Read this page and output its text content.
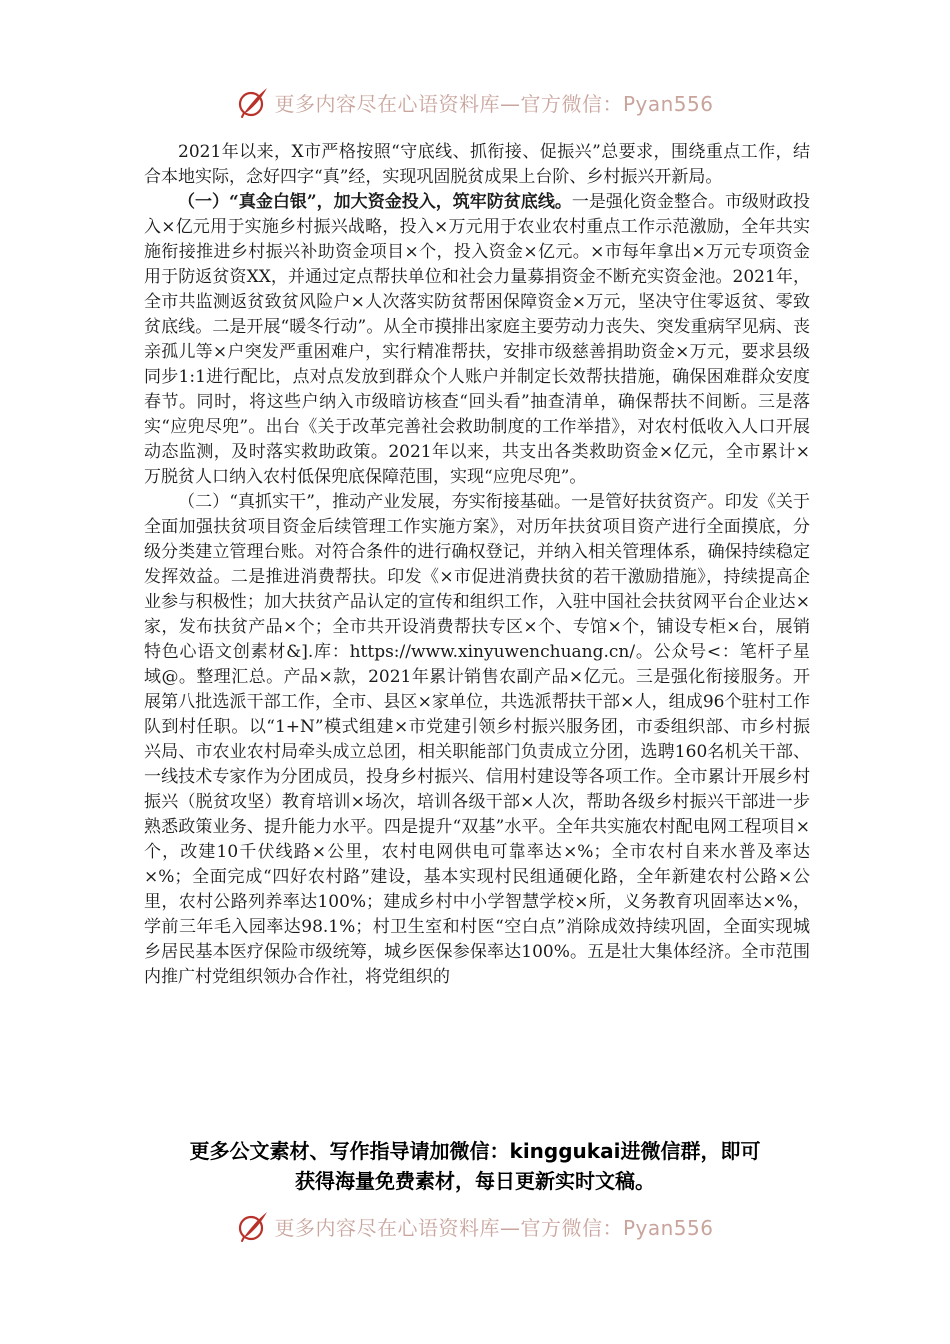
更多内容尽在心语资料库—官方微信：Pyan556

2021年以来，X市严格按照“守底线、抓衔接、促振兴”总要求，围绕重点工作，结合本地实际，念好四字“真”经，实现巩固脱贫成果上台阶、乡村振兴开新局。

（一）“真金白银”，加大资金投入，筑牢防贫底线。一是强化资金整合。市级财政投入×亿元用于实施乡村振兴战略，投入×万元用于农业农村重点工作示范激励，全年共实施衔接推进乡村振兴补助资金项目×个，投入资金×亿元。×市每年拿出×万元专项资金用于防返贫资XX，并通过定点帮扶单位和社会力量募捐资金不断充实资金池。2021年，全市共监测返贫致贫风险户×人次落实防贫帮困保障资金×万元，坚决守住零返贫、零致贫底线。二是开展“暖冬行动”。从全市摸排出家庭主要劳动力丧失、突发重病罕见病、丧亲孤儿等×户突发严重困难户，实行精准帮扶，安排市级慈善捐助资金×万元，要求县级同步1:1进行配比，点对点发放到群众个人账户并制定长效帮扶措施，确保困难群众安度春节。同时，将这些户纳入市级暗访核查“回头看”抽查清单，确保帮扶不间断。三是落实“应兜尽兜”。出台《关于改革完善社会救助制度的工作举措》，对农村低收入人口开展动态监测，及时落实救助政策。2021年以来，共支出各类救助资金×亿元，全市累计×万脱贫人口纳入农村低保兜底保障范围，实现“应兜尽兜”。

（二）“真抓实干”，推动产业发展，夯实衔接基础。一是管好扶贫资产。印发《关于全面加强扶贫项目资金后续管理工作实施方案》，对历年扶贫项目资产进行全面摸底，分级分类建立管理台账。对符合条件的进行确权登记，并纳入相关管理体系，确保持续稳定发挥效益。二是推进消费帮扶。印发《×市促进消费扶贫的若干激励措施》，持续提高企业参与积极性；加大扶贫产品认定的宣传和组织工作，入驻中国社会扶贫网平台企业达×家，发布扶贫产品×个；全市共开设消费帮扶专区×个、专馆×个，铺设专柜×台，展销特色心语文创素材&].库：https://www.xinyuwenchuang.cn/。公众号<：笔杆子星域@。整理汇总。产品×款，2021年累计销售农副产品×亿元。三是强化衔接服务。开展第八批选派干部工作，全市、县区×家单位，共选派帮扶干部×人，组成96个驻村工作队到村任职。以“1+N”模式组建×市党建引领乡村振兴服务团，市委组织部、市乡村振兴局、市农业农村局牵头成立总团，相关职能部门负责成立分团，选聘160名机关干部、一线技术专家作为分团成员，投身乡村振兴、信用村建设等各项工作。全市累计开展乡村振兴（脱贫攻坚）教育培训×场次，培训各级干部×人次，帮助各级乡村振兴干部进一步熟悉政策业务、提升能力水平。四是提升“双基”水平。全年共实施农村配电网工程项目×个，改建10千伏线路×公里，农村电网供电可靠率达×%；全市农村自来水普及率达×%；全面完成“四好农村路”建设，基本实现村民组通硬化路，全年新建农村公路×公里，农村公路列养率达100%；建成乡村中小学智慧学校×所，义务教育巩固率达×%，学前三年毛入园率达98.1%；村卫生室和村医“空白点”消除成效持续巩固，全面实现城乡居民基本医疗保险市级统筹，城乡医保参保率达100%。五是壮大集体经济。全市范围内推广村党组织领办合作社，将党组织的

更多公文素材、写作指导请加微信：kinggukai进微信群，即可
获得海量免费素材，每日更新实时文稿。
更多内容尽在心语资料库—官方微信：Pyan556
